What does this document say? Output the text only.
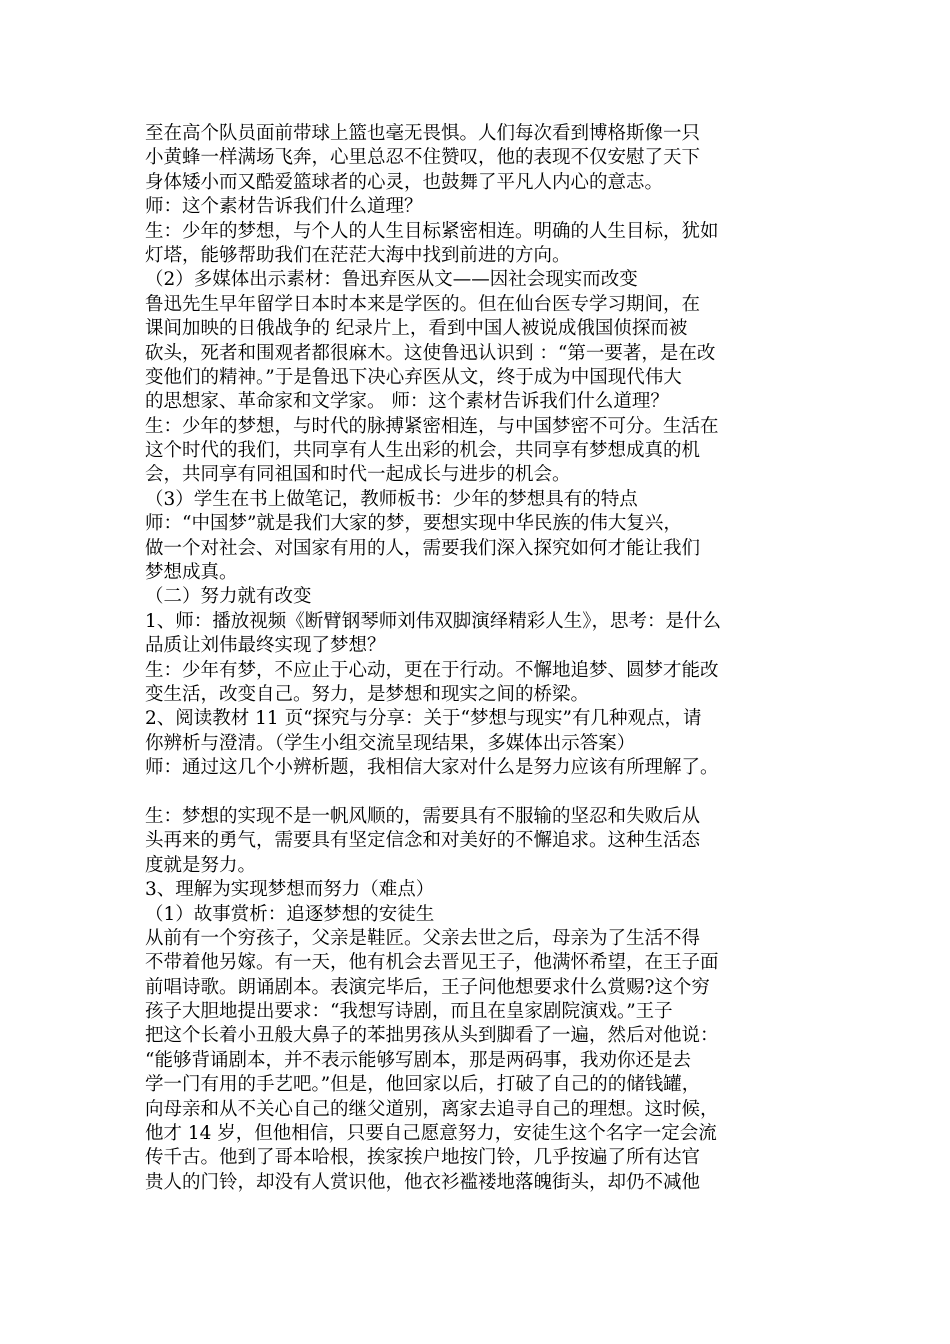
至在高个队员面前带球上篮也毫无畏惧。人们每次看到博格斯像一只
小黄蜂一样满场飞奔，心里总忍不住赞叹，他的表现不仅安慰了天下
身体矮小而又酷爱篮球者的心灵，也鼓舞了平凡人内心的意志。
师：这个素材告诉我们什么道理？
生：少年的梦想，与个人的人生目标紧密相连。明确的人生目标，犹如
灯塔，能够帮助我们在茫茫大海中找到前进的方向。
（2）多媒体出示素材：鲁迅弃医从文——因社会现实而改变
鲁迅先生早年留学日本时本来是学医的。但在仙台医专学习期间，在
课间加映的日俄战争的 纪录片上，看到中国人被说成俄国侦探而被
砍头，死者和围观者都很麻木。这使鲁迅认识到 ：“第一要著，是在改
变他们的精神。”于是鲁迅下决心弃医从文，终于成为中国现代伟大
的思想家、革命家和文学家。 师：这个素材告诉我们什么道理？
生：少年的梦想，与时代的脉搏紧密相连，与中国梦密不可分。生活在
这个时代的我们，共同享有人生出彩的机会，共同享有梦想成真的机
会，共同享有同祖国和时代一起成长与进步的机会。
（3）学生在书上做笔记，教师板书：少年的梦想具有的特点
师：“中国梦”就是我们大家的梦，要想实现中华民族的伟大复兴，
做一个对社会、对国家有用的人，需要我们深入探究如何才能让我们
梦想成真。
（二）努力就有改变
1、师：播放视频《断臂钢琴师刘伟双脚演绎精彩人生》，思考：是什么
品质让刘伟最终实现了梦想？
生：少年有梦，不应止于心动，更在于行动。不懈地追梦、圆梦才能改
变生活，改变自己。努力，是梦想和现实之间的桥梁。
2、阅读教材 11 页“探究与分享：关于“梦想与现实”有几种观点，请
你辨析与澄清。（学生小组交流呈现结果，多媒体出示答案）
师：通过这几个小辨析题，我相信大家对什么是努力应该有所理解了。
生：梦想的实现不是一帆风顺的，需要具有不服输的坚忍和失败后从
头再来的勇气，需要具有坚定信念和对美好的不懈追求。这种生活态
度就是努力。
3、理解为实现梦想而努力（难点）
（1）故事赏析：追逐梦想的安徒生
从前有一个穷孩子，父亲是鞋匠。父亲去世之后，母亲为了生活不得
不带着他另嫁。有一天，他有机会去晋见王子，他满怀希望，在王子面
前唱诗歌。朗诵剧本。表演完毕后，王子问他想要求什么赏赐?这个穷
孩子大胆地提出要求：“我想写诗剧，而且在皇家剧院演戏。”王子
把这个长着小丑般大鼻子的苯拙男孩从头到脚看了一遍，然后对他说：
“能够背诵剧本，并不表示能够写剧本，那是两码事，我劝你还是去
学一门有用的手艺吧。”但是，他回家以后，打破了自己的的储钱罐，
向母亲和从不关心自己的继父道别，离家去追寻自己的理想。这时候，
他才 14 岁，但他相信，只要自己愿意努力，安徒生这个名字一定会流
传千古。他到了哥本哈根，挨家挨户地按门铃，几乎按遍了所有达官
贵人的门铃，却没有人赏识他，他衣衫褴褛地落魄街头，却仍不减他
